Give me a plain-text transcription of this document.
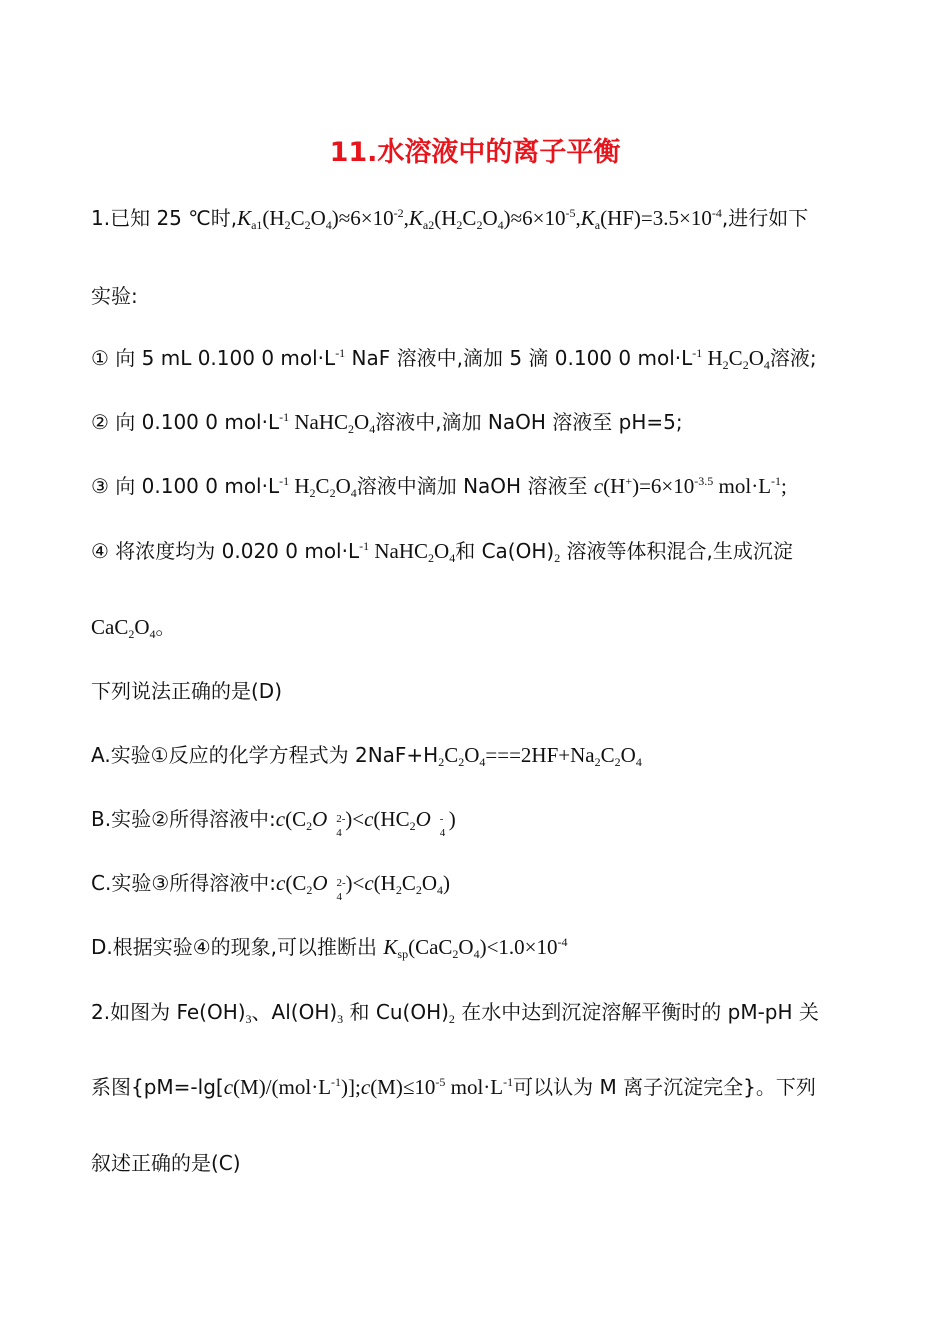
11.水溶液中的离子平衡
1.已知 25 ℃时$,K_{a1}(H_2C_2O_4)\approx 6\times 10^{-2},K_{a2}(H_2C_2O_4)\approx 6\times 10^{-5},K_a(HF)=3.5\times 10^{-4}$,进行如下
实验:
① 向 5 mL 0.100 0 $mol\cdot L^{-1}$ NaF 溶液中,滴加 5 滴 0.100 0 $mol\cdot L^{-1}$ $H_2C_2O_4$溶液;
② 向 0.100 0 $mol\cdot L^{-1}$ $NaHC_2O_4$溶液中,滴加 NaOH 溶液至 pH=5;
③ 向 0.100 0 $mol\cdot L^{-1}$ $H_2C_2O_4$溶液中滴加 NaOH 溶液至 $c(H^+)=6\times 10^{-3.5}$ $mol\cdot L^{-1}$;
④ 将浓度均为 0.020 0 $mol\cdot L^{-1}$ $NaHC_2O_4$和 $Ca(OH)_2$ 溶液等体积混合,生成沉淀
$CaC_2O_4$。
下列说法正确的是(D)
A.实验①反应的化学方程式为 $2NaF+H_2C_2O_4===2HF+Na_2C_2O_4$
B.实验②所得溶液中$:c(C_2O$ 2-
4
)$<c(HC_2O$ -
4
)
C.实验③所得溶液中$:c(C_2O$ 2-
4
)$<c(H_2C_2O_4)$
D.根据实验④的现象,可以推断出 $K_{sp}(CaC_2O_4)<1.0\times 10^{-4}$
2.如图为 $Fe(OH)_3$、$Al(OH)_3$ 和 $Cu(OH)_2$ 在水中达到沉淀溶解平衡时的 pM-pH 关
系图{$pM=-\lg[c(M)/(mol\cdot L^{-1})];c(M)\le 10^{-5}$ $mol\cdot L^{-1}$可以认为 M 离子沉淀完全}。下列
叙述正确的是(C)
